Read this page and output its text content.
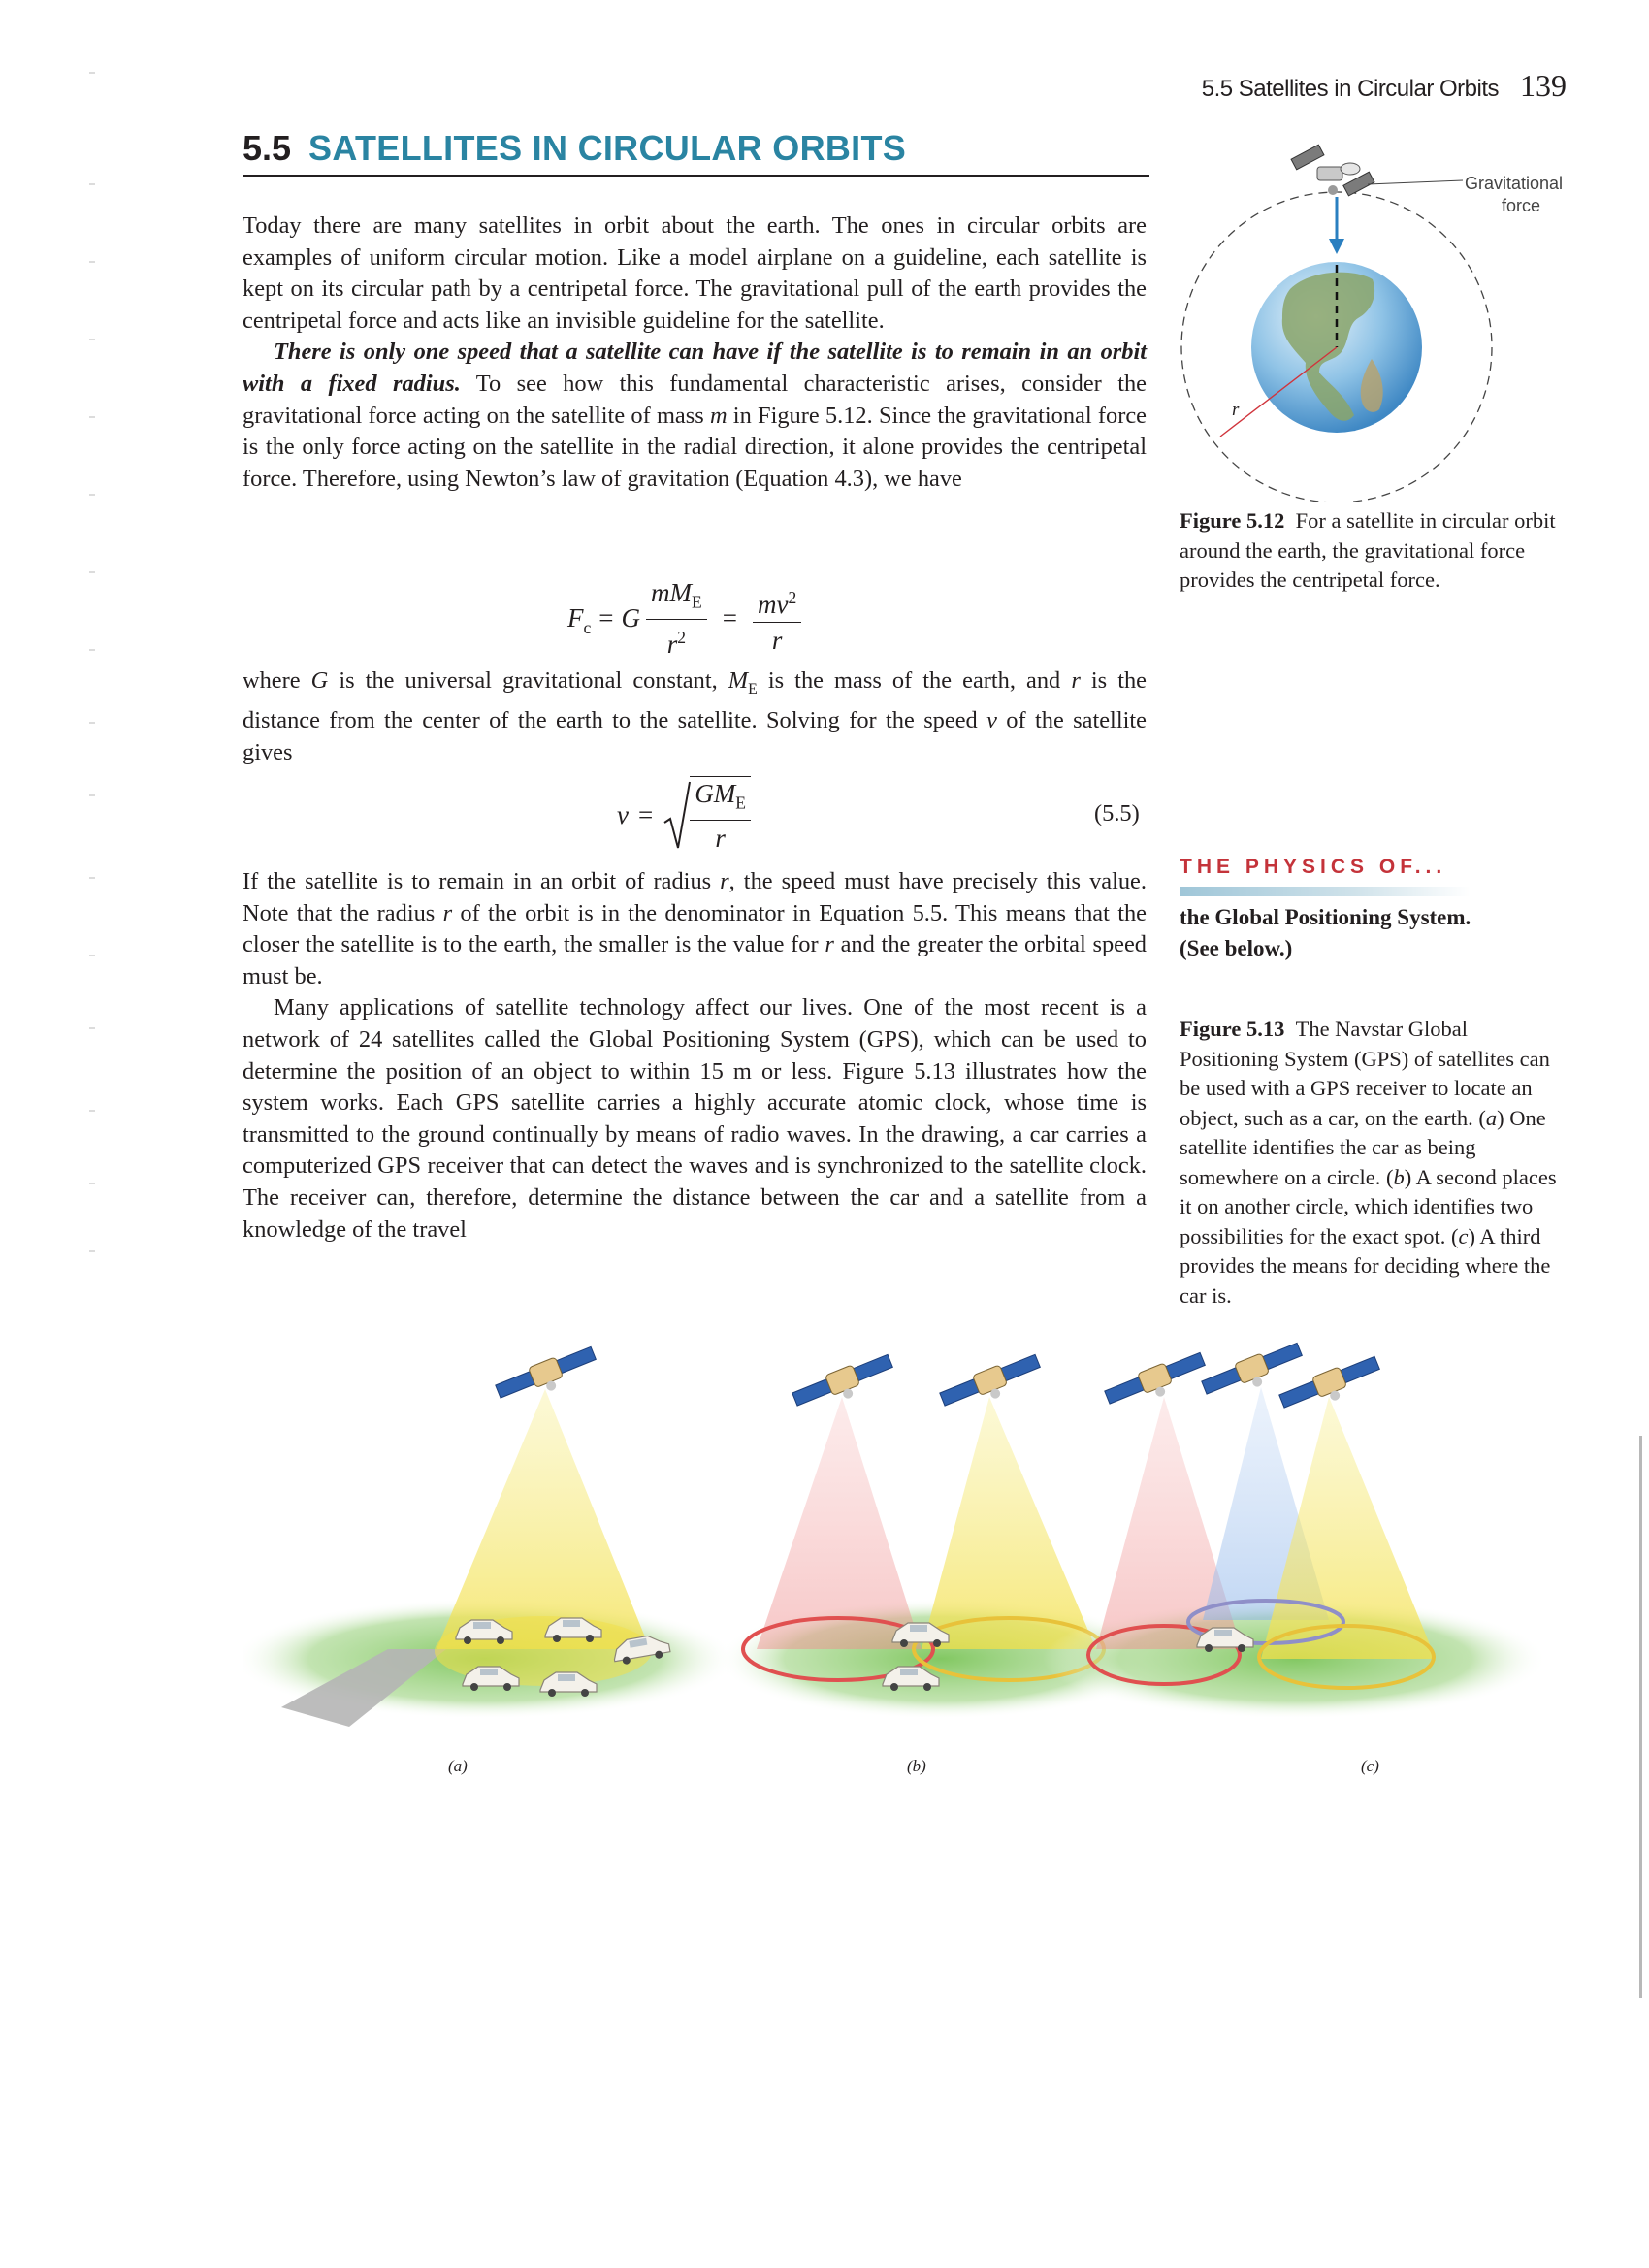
5.5 Satellites in Circular Orbits 139
5.5 SATELLITES IN CIRCULAR ORBITS

Today there are many satellites in orbit about the earth. The ones in circular orbits are examples of uniform circular motion. Like a model airplane on a guideline, each satellite is kept on its circular path by a centripetal force. The gravitational pull of the earth provides the centripetal force and acts like an invisible guideline for the satellite.

There is only one speed that a satellite can have if the satellite is to remain in an orbit with a fixed radius. To see how this fundamental characteristic arises, consider the gravitational force acting on the satellite of mass m in Figure 5.12. Since the gravitational force is the only force acting on the satellite in the radial direction, it alone provides the centripetal force. Therefore, using Newton’s law of gravitation (Equation 4.3), we have

$F_c = G \frac{mM_E}{r^2} = \frac{mv^2}{r}$

where G is the universal gravitational constant, $M_E$ is the mass of the earth, and r is the distance from the center of the earth to the satellite. Solving for the speed v of the satellite gives

$v = \frac{GM_E}{r}$	(5.5)

If the satellite is to remain in an orbit of radius r, the speed must have precisely this value. Note that the radius r of the orbit is in the denominator in Equation 5.5. This means that the closer the satellite is to the earth, the smaller is the value for r and the greater the orbital speed must be.

Many applications of satellite technology affect our lives. One of the most recent is a network of 24 satellites called the Global Positioning System (GPS), which can be used to determine the position of an object to within 15 m or less. Figure 5.13 illustrates how the system works. Each GPS satellite carries a highly accurate atomic clock, whose time is transmitted to the ground continually by means of radio waves. In the drawing, a car carries a computerized GPS receiver that can detect the waves and is synchronized to the satellite clock. The receiver can, therefore, determine the distance between the car and a satellite from a knowledge of the travel

r
Gravitational
force
Figure 5.12 For a satellite in circular orbit around the earth, the gravitational force provides the centripetal force.
THE PHYSICS OF...
the Global Positioning System.
(See below.)
Figure 5.13 The Navstar Global Positioning System (GPS) of satellites can be used with a GPS receiver to locate an object, such as a car, on the earth. (a) One satellite identifies the car as being somewhere on a circle. (b) A second places it on another circle, which identifies two possibilities for the exact spot. (c) A third provides the means for deciding where the car is.
(a)	(b)	(c)
